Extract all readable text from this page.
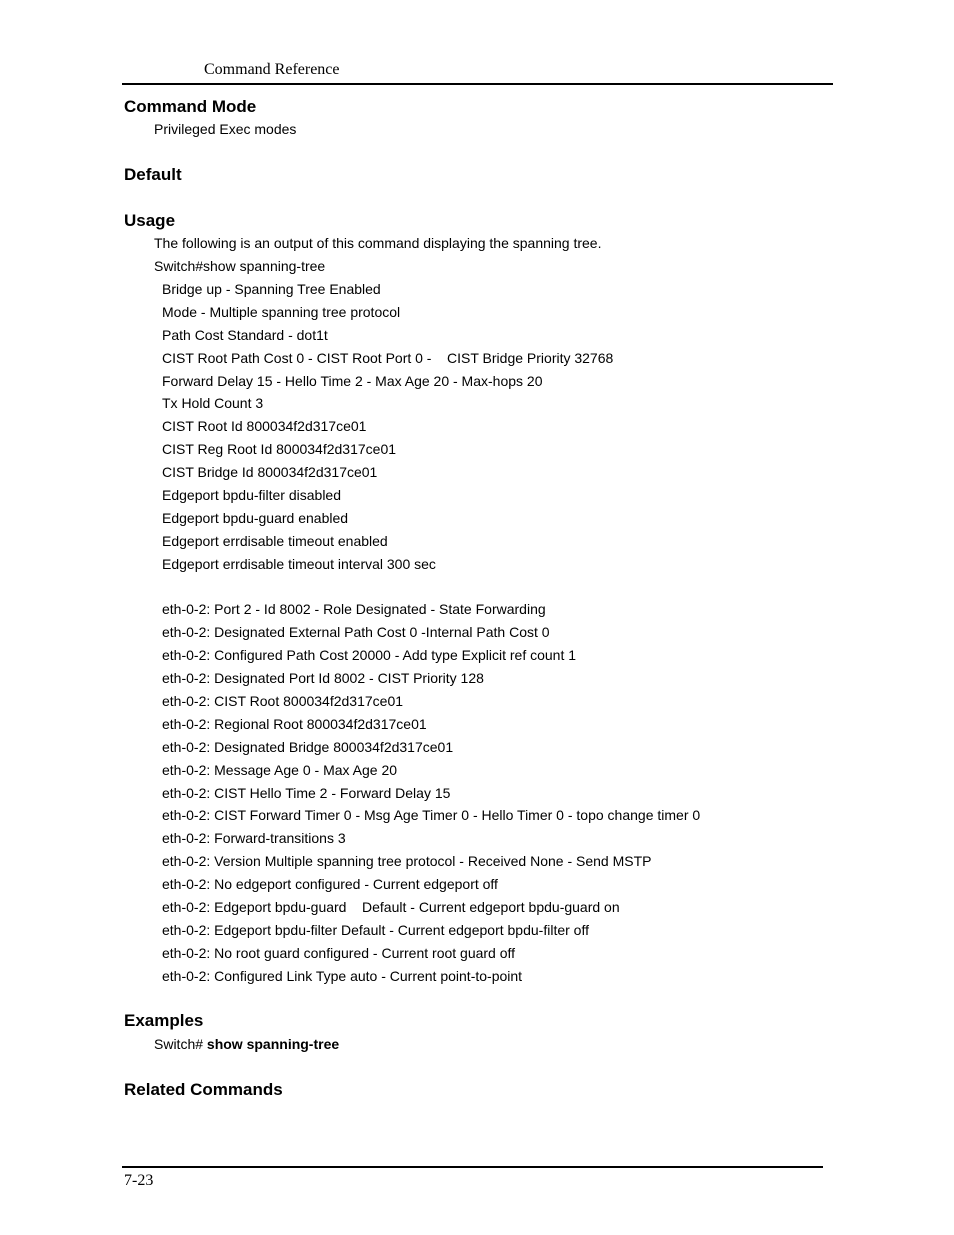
Command Reference
Command Mode
Privileged Exec modes
Default
Usage
The following is an output of this command displaying the spanning tree.
Switch#show spanning-tree
Bridge up - Spanning Tree Enabled
Mode - Multiple spanning tree protocol
Path Cost Standard - dot1t
CIST Root Path Cost 0 - CIST Root Port 0 -    CIST Bridge Priority 32768
Forward Delay 15 - Hello Time 2 - Max Age 20 - Max-hops 20
Tx Hold Count 3
CIST Root Id 800034f2d317ce01
CIST Reg Root Id 800034f2d317ce01
CIST Bridge Id 800034f2d317ce01
Edgeport bpdu-filter disabled
Edgeport bpdu-guard enabled
Edgeport errdisable timeout enabled
Edgeport errdisable timeout interval 300 sec
eth-0-2: Port 2 - Id 8002 - Role Designated - State Forwarding
eth-0-2: Designated External Path Cost 0 -Internal Path Cost 0
eth-0-2: Configured Path Cost 20000 - Add type Explicit ref count 1
eth-0-2: Designated Port Id 8002 - CIST Priority 128
eth-0-2: CIST Root 800034f2d317ce01
eth-0-2: Regional Root 800034f2d317ce01
eth-0-2: Designated Bridge 800034f2d317ce01
eth-0-2: Message Age 0 - Max Age 20
eth-0-2: CIST Hello Time 2 - Forward Delay 15
eth-0-2: CIST Forward Timer 0 - Msg Age Timer 0 - Hello Timer 0 - topo change timer 0
eth-0-2: Forward-transitions 3
eth-0-2: Version Multiple spanning tree protocol - Received None - Send MSTP
eth-0-2: No edgeport configured - Current edgeport off
eth-0-2: Edgeport bpdu-guard    Default - Current edgeport bpdu-guard on
eth-0-2: Edgeport bpdu-filter Default - Current edgeport bpdu-filter off
eth-0-2: No root guard configured - Current root guard off
eth-0-2: Configured Link Type auto - Current point-to-point
Examples
Switch# show spanning-tree
Related Commands
7-23
